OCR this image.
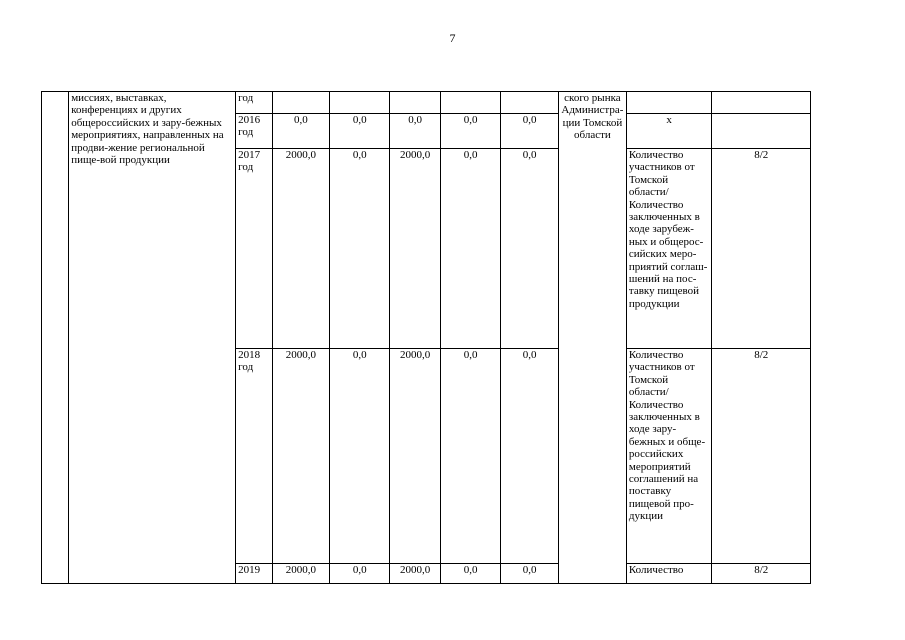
7
	миссиях, выставках, конференциях и других общероссийских и зару-бежных мероприятиях, направленных на продви-жение региональной пище-вой продукции	год						ского рынка Администра-ции Томской области		
		2016 год	0,0	0,0	0,0	0,0	0,0		х	
		2017 год	2000,0	0,0	2000,0	0,0	0,0		Количество участников от Томской области/ Количество заключенных в ходе зарубеж-ных и общерос-сийских меро-приятий соглаш-шений на пос-тавку пищевой продукции	8/2
		2018 год	2000,0	0,0	2000,0	0,0	0,0		Количество участников от Томской области/ Количество заключенных в ходе зару-бежных и обще-российских мероприятий соглашений на поставку пищевой про-дукции	8/2
		2019	2000,0	0,0	2000,0	0,0	0,0		Количество	8/2
